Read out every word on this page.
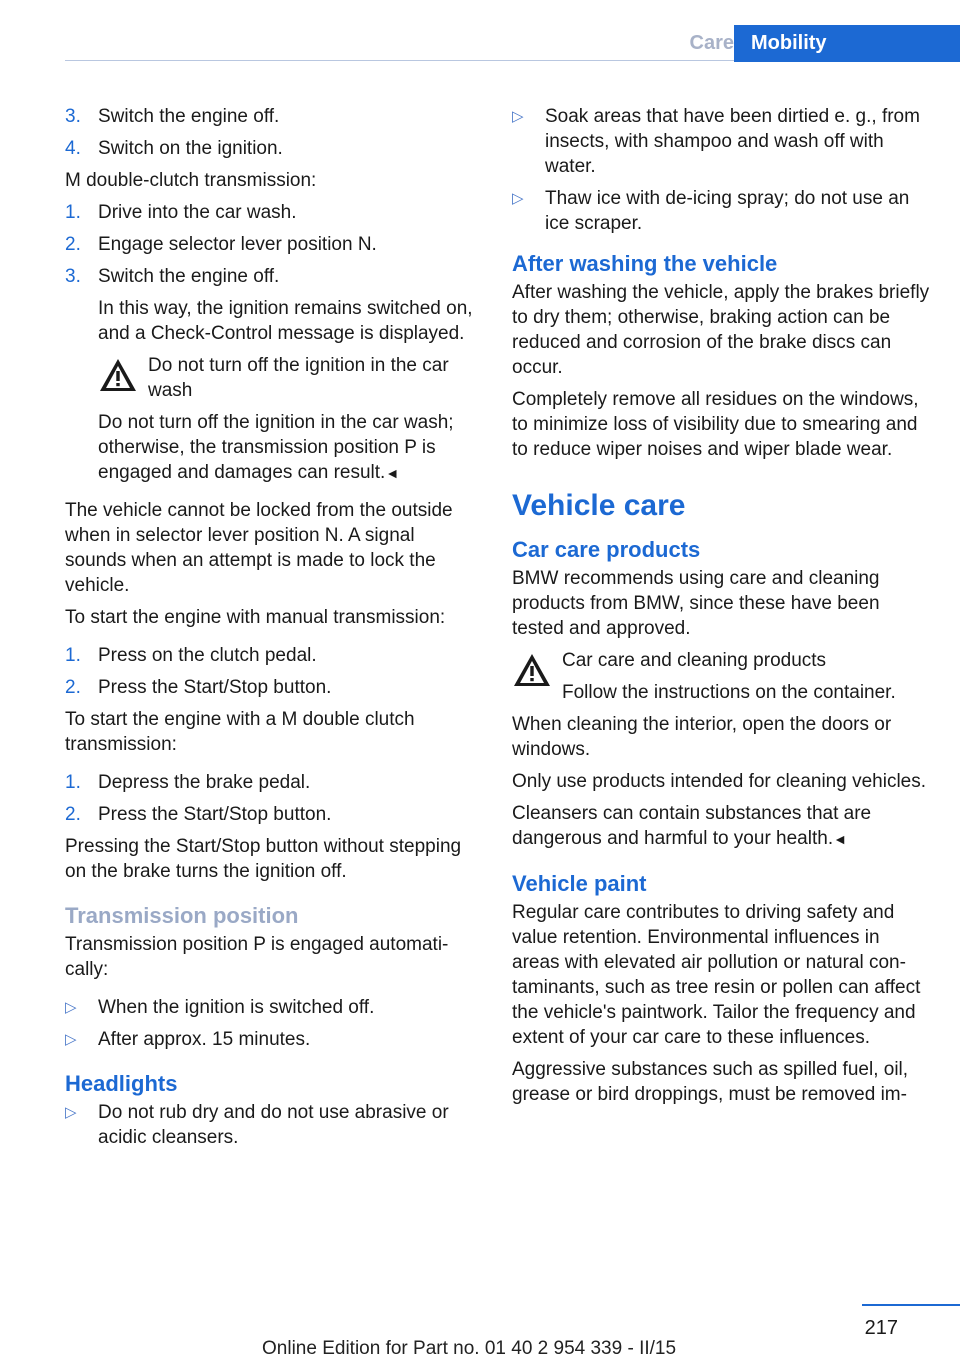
Care Mobility
3. Switch the engine off.
4. Switch on the ignition.

M double-clutch transmission:

1. Drive into the car wash.
2. Engage selector lever position N.
3. Switch the engine off.

In this way, the ignition remains switched on, and a Check-Control message is displayed.

Do not turn off the ignition in the car wash

Do not turn off the ignition in the car wash; otherwise, the transmission position P is engaged and damages can result.◄

The vehicle cannot be locked from the outside when in selector lever position N. A signal sounds when an attempt is made to lock the vehicle.

To start the engine with manual transmission:

1. Press on the clutch pedal.
2. Press the Start/Stop button.

To start the engine with a M double clutch transmission:

1. Depress the brake pedal.
2. Press the Start/Stop button.

Pressing the Start/Stop button without stepping on the brake turns the ignition off.

Transmission position

Transmission position P is engaged automatically:

▷ When the ignition is switched off.
▷ After approx. 15 minutes.
Headlights
▷ Do not rub dry and do not use abrasive or acidic cleansers.
▷ Soak areas that have been dirtied e. g., from insects, with shampoo and wash off with water.
▷ Thaw ice with de-icing spray; do not use an ice scraper.
After washing the vehicle

After washing the vehicle, apply the brakes briefly to dry them; otherwise, braking action can be reduced and corrosion of the brake discs can occur.

Completely remove all residues on the windows, to minimize loss of visibility due to smearing and to reduce wiper noises and wiper blade wear.

Vehicle care
Car care products

BMW recommends using care and cleaning products from BMW, since these have been tested and approved.

Car care and cleaning products

Follow the instructions on the container.

When cleaning the interior, open the doors or windows.

Only use products intended for cleaning vehicles.

Cleansers can contain substances that are dangerous and harmful to your health.◄

Vehicle paint

Regular care contributes to driving safety and value retention. Environmental influences in areas with elevated air pollution or natural contaminants, such as tree resin or pollen can affect the vehicle's paintwork. Tailor the frequency and extent of your car care to these influences.

Aggressive substances such as spilled fuel, oil, grease or bird droppings, must be removed im-

217
Online Edition for Part no. 01 40 2 954 339 - II/15
